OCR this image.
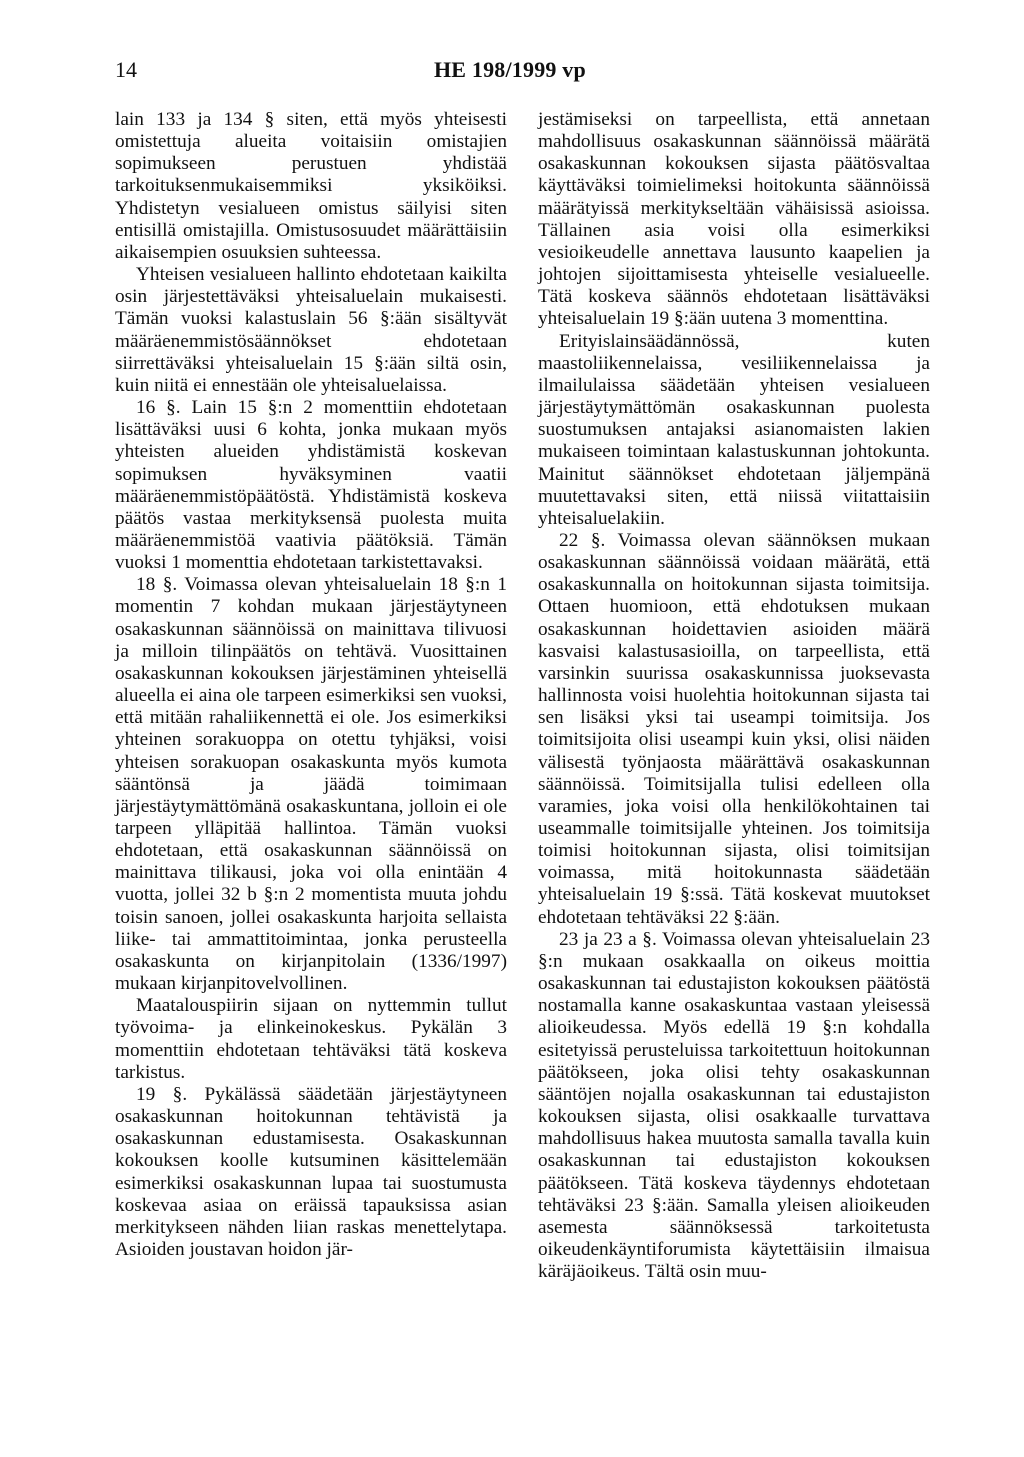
14	HE 198/1999 vp

lain 133 ja 134 § siten, että myös yhteisesti omistettuja alueita voitaisiin omistajien sopimukseen perustuen yhdistää tarkoituksenmukaisemmiksi yksiköiksi. Yhdistetyn vesialueen omistus säilyisi siten entisillä omistajilla. Omistusosuudet määrättäisiin aikaisempien osuuksien suhteessa.

Yhteisen vesialueen hallinto ehdotetaan kaikilta osin järjestettäväksi yhteisaluelain mukaisesti. Tämän vuoksi kalastuslain 56 §:ään sisältyvät määräenemmistösäännökset ehdotetaan siirrettäväksi yhteisaluelain 15 §:ään siltä osin, kuin niitä ei ennestään ole yhteisaluelaissa.

16 §. Lain 15 §:n 2 momenttiin ehdotetaan lisättäväksi uusi 6 kohta, jonka mukaan myös yhteisten alueiden yhdistämistä koskevan sopimuksen hyväksyminen vaatii määräenemmistöpäätöstä. Yhdistämistä koskeva päätös vastaa merkityksensä puolesta muita määräenemmistöä vaativia päätöksiä. Tämän vuoksi 1 momenttia ehdotetaan tarkistettavaksi.

18 §. Voimassa olevan yhteisaluelain 18 §:n 1 momentin 7 kohdan mukaan järjestäytyneen osakaskunnan säännöissä on mainittava tilivuosi ja milloin tilinpäätös on tehtävä. Vuosittainen osakaskunnan kokouksen järjestäminen yhteisellä alueella ei aina ole tarpeen esimerkiksi sen vuoksi, että mitään rahaliikennettä ei ole. Jos esimerkiksi yhteinen sorakuoppa on otettu tyhjäksi, voisi yhteisen sorakuopan osakaskunta myös kumota sääntönsä ja jäädä toimimaan järjestäytymättömänä osakaskuntana, jolloin ei ole tarpeen ylläpitää hallintoa. Tämän vuoksi ehdotetaan, että osakaskunnan säännöissä on mainittava tilikausi, joka voi olla enintään 4 vuotta, jollei 32 b §:n 2 momentista muuta johdu toisin sanoen, jollei osakaskunta harjoita sellaista liike- tai ammattitoimintaa, jonka perusteella osakaskunta on kirjanpitolain (1336/1997) mukaan kirjanpitovelvollinen.

Maatalouspiirin sijaan on nyttemmin tullut työvoima- ja elinkeinokeskus. Pykälän 3 momenttiin ehdotetaan tehtäväksi tätä koskeva tarkistus.

19 §. Pykälässä säädetään järjestäytyneen osakaskunnan hoitokunnan tehtävistä ja osakaskunnan edustamisesta. Osakaskunnan kokouksen koolle kutsuminen käsittelemään esimerkiksi osakaskunnan lupaa tai suostumusta koskevaa asiaa on eräissä tapauksissa asian merkitykseen nähden liian raskas menettelytapa. Asioiden joustavan hoidon jär-

jestämiseksi on tarpeellista, että annetaan mahdollisuus osakaskunnan säännöissä määrätä osakaskunnan kokouksen sijasta päätösvaltaa käyttäväksi toimielimeksi hoitokunta säännöissä määrätyissä merkitykseltään vähäisissä asioissa. Tällainen asia voisi olla esimerkiksi vesioikeudelle annettava lausunto kaapelien ja johtojen sijoittamisesta yhteiselle vesialueelle. Tätä koskeva säännös ehdotetaan lisättäväksi yhteisaluelain 19 §:ään uutena 3 momenttina.

Erityislainsäädännössä, kuten maastoliikennelaissa, vesiliikennelaissa ja ilmailulaissa säädetään yhteisen vesialueen järjestäytymättömän osakaskunnan puolesta suostumuksen antajaksi asianomaisten lakien mukaiseen toimintaan kalastuskunnan johtokunta. Mainitut säännökset ehdotetaan jäljempänä muutettavaksi siten, että niissä viitattaisiin yhteisaluelakiin.

22 §. Voimassa olevan säännöksen mukaan osakaskunnan säännöissä voidaan määrätä, että osakaskunnalla on hoitokunnan sijasta toimitsija. Ottaen huomioon, että ehdotuksen mukaan osakaskunnan hoidettavien asioiden määrä kasvaisi kalastusasioilla, on tarpeellista, että varsinkin suurissa osakaskunnissa juoksevasta hallinnosta voisi huolehtia hoitokunnan sijasta tai sen lisäksi yksi tai useampi toimitsija. Jos toimitsijoita olisi useampi kuin yksi, olisi näiden välisestä työnjaosta määrättävä osakaskunnan säännöissä. Toimitsijalla tulisi edelleen olla varamies, joka voisi olla henkilökohtainen tai useammalle toimitsijalle yhteinen. Jos toimitsija toimisi hoitokunnan sijasta, olisi toimitsijan voimassa, mitä hoitokunnasta säädetään yhteisaluelain 19 §:ssä. Tätä koskevat muutokset ehdotetaan tehtäväksi 22 §:ään.

23 ja 23 a §. Voimassa olevan yhteisaluelain 23 §:n mukaan osakkaalla on oikeus moittia osakaskunnan tai edustajiston kokouksen päätöstä nostamalla kanne osakaskuntaa vastaan yleisessä alioikeudessa. Myös edellä 19 §:n kohdalla esitetyissä perusteluissa tarkoitettuun hoitokunnan päätökseen, joka olisi tehty osakaskunnan sääntöjen nojalla osakaskunnan tai edustajiston kokouksen sijasta, olisi osakkaalle turvattava mahdollisuus hakea muutosta samalla tavalla kuin osakaskunnan tai edustajiston kokouksen päätökseen. Tätä koskeva täydennys ehdotetaan tehtäväksi 23 §:ään. Samalla yleisen alioikeuden asemesta säännöksessä tarkoitetusta oikeudenkäyntiforumista käytettäisiin ilmaisua käräjäoikeus. Tältä osin muu-
